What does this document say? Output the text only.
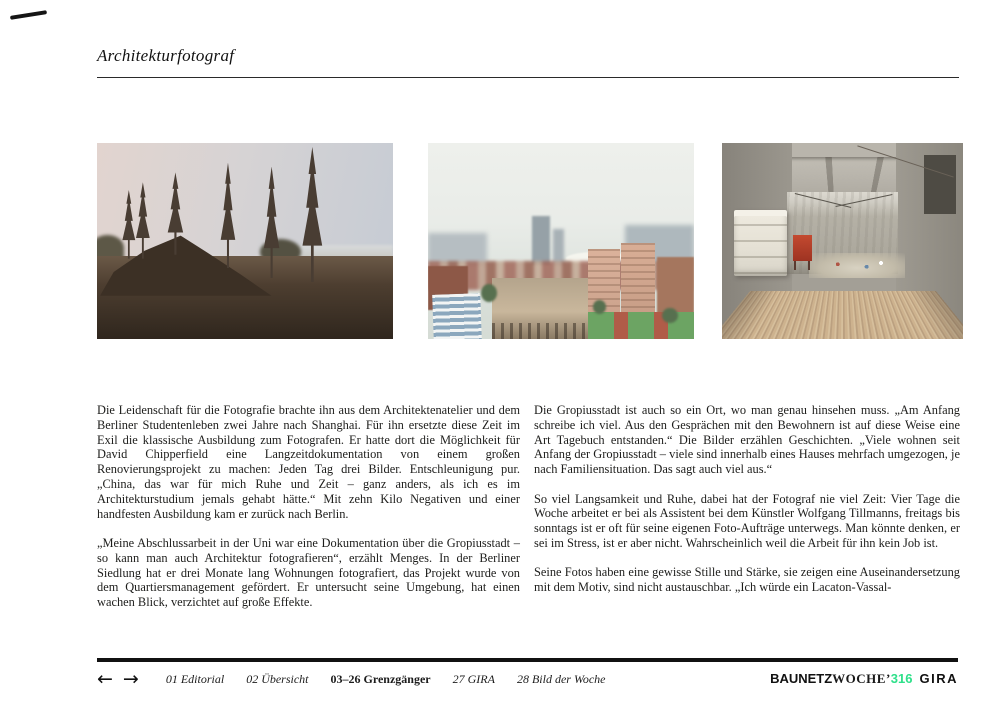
Architekturfotograf

Die Leidenschaft für die Fotografie brachte ihn aus dem Architektenatelier und dem Berliner Studentenleben zwei Jahre nach Shanghai. Für ihn ersetzte diese Zeit im Exil die klassische Ausbildung zum Fotografen. Er hatte dort die Möglichkeit für David Chipperfield eine Langzeitdokumentation von einem großen Renovierungsprojekt zu machen: Jeden Tag drei Bilder. Entschleunigung pur. „China, das war für mich Ruhe und Zeit – ganz anders, als ich es im Architekturstudium jemals gehabt hätte.“ Mit zehn Kilo Negativen und einer handfesten Ausbildung kam er zurück nach Berlin.

„Meine Abschlussarbeit in der Uni war eine Dokumentation über die Gropiusstadt – so kann man auch Architektur fotografieren“, erzählt Menges. In der Berliner Siedlung hat er drei Monate lang Wohnungen fotografiert, das Projekt wurde von dem Quartiersmanagement gefördert. Er untersucht seine Umgebung, hat einen wachen Blick, verzichtet auf große Effekte.

Die Gropiusstadt ist auch so ein Ort, wo man genau hinsehen muss. „Am Anfang schreibe ich viel. Aus den Gesprächen mit den Bewohnern ist auf diese Weise eine Art Tagebuch entstanden.“ Die Bilder erzählen Geschichten. „Viele wohnen seit Anfang der Gropiusstadt – viele sind innerhalb eines Hauses mehrfach umgezogen, je nach Familiensituation. Das sagt auch viel aus.“

So viel Langsamkeit und Ruhe, dabei hat der Fotograf nie viel Zeit: Vier Tage die Woche arbeitet er bei als Assistent bei dem Künstler Wolfgang Tillmanns, freitags bis sonntags ist er oft für seine eigenen Foto-Aufträge unterwegs. Man könnte denken, er sei im Stress, ist er aber nicht. Wahrscheinlich weil die Arbeit für ihn kein Job ist.

Seine Fotos haben eine gewisse Stille und Stärke, sie zeigen eine Auseinandersetzung mit dem Motiv, sind nicht austauschbar. „Ich würde ein Lacaton-Vassal-

← → 01 Editorial 02 Übersicht 03–26 Grenzgänger 27 GIRA 28 Bild der Woche	BAUNETZ WOCHE’ 316 GIRA
